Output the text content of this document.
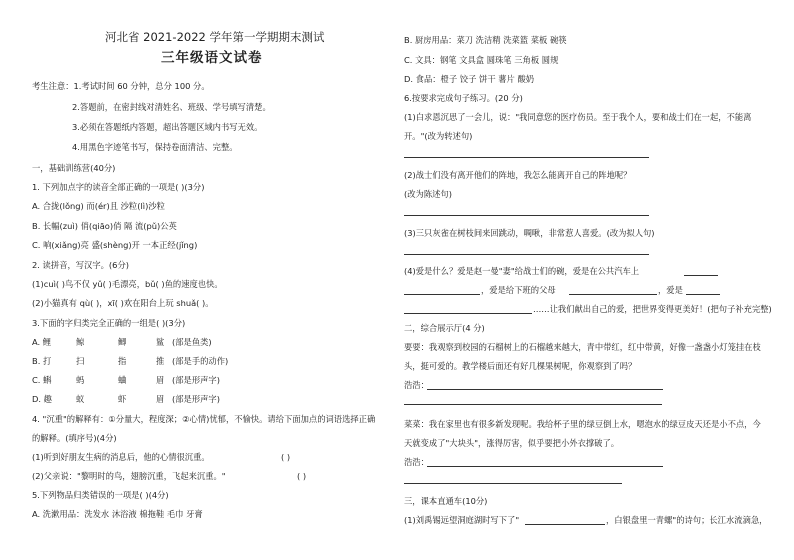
河北省 2021-2022 学年第一学期期末测试
三年级语文试卷
考生注意：1.考试时间 60 分钟，总分 100 分。
2.答题前，在密封线对清姓名、班级、学号填写清楚。
3.必须在答题纸内答题，超出答题区域内书写无效。
4.用黑色字迹笔书写，保持卷面清洁、完整。
一，基础训练营(40分)
1. 下列加点字的读音全部正确的一项是( )(3分)
A. 合拢(lǒng) 而(ér)且 沙粒(lì)沙粒
B. 长幅(zuì) 俏(qiāo)俏 隔 流(pǔ)公英
C. 响(xiǎng)亮 盛(shèng)开 一本正经(jǐng)
2. 读拼音，写汉字。(6分)
(1)cuì( )鸟不仅 yǔ( )毛漂亮，bǔ( )鱼的速度也快。
(2)小猫真有 qù( )，xī( )欢在阳台上玩 shuǎ( )。
3.下面的字归类完全正确的一组是( )(3分)
A. 鲤	鲸	鲫	鲨 (部是鱼类)
B. 打	扫	指	推 (部是手的动作)
C. 蝌	蚂	蛐	眉 (部是形声字)
D. 趣	蚁	虾	眉 (部是形声字)
4. "沉重"的解释有：①分量大，程度深；②心情)忧郁，不愉快。请给下面加点的词语选择正确
的解释。(填序号)(4分)
(1)听到好朋友生病的消息后，他的心情很沉重。	( )
(2)父亲说："黎明时的鸟，翅膀沉重，飞起来沉重。"	( )
5.下列物品归类错误的一项是( )(4分)
A. 洗漱用品：洗发水 沐浴液 棉拖鞋 毛巾 牙膏
B. 厨房用品：菜刀 洗洁精 洗菜篮 菜板 碗筷
C. 文具：钢笔 文具盒 圆珠笔 三角板 圆规
D. 食品：橙子 饺子 饼干 薯片 酸奶
6.按要求完成句子练习。(20 分)
(1)白求恩沉思了一会儿，说："我同意您的医疗伤员。至于我个人，要和战士们在一起，不能离
开。"(改为转述句)
(2)战士们没有离开他们的阵地，我怎么能离开自己的阵地呢？
(改为陈述句)
(3)三只灰雀在树枝间来回跳动，啁啾，非常惹人喜爱。(改为拟人句)
(4)爱是什么？爱是赵一曼"妻"给战士们的碗，爱是在公共汽车上
，爱是给下班的父母	，爱是
……让我们献出自己的爱，把世界变得更美好！(把句子补充完整)
二，综合展示厅(4 分)
要要：我观察到校园的石榴树上的石榴越来越大，青中带红，红中带黄，好像一盏盏小灯笼挂在枝
头，挺可爱的。教学楼后面还有好几棵果树呢，你观察到了吗？
浩浩：
菜菜：我在家里也有很多新发现呢。我给杯子里的绿豆倒上水，嗯泡水的绿豆皮天还是小不点，今
天就变成了"大块头"，涨得厉害，似乎要把小外衣撑破了。
浩浩：
三，课本直通车(10分)
(1)刘禹锡远望洞庭湖时写下了"	，白银盘里一青螺"的诗句；长江水流滴急，
